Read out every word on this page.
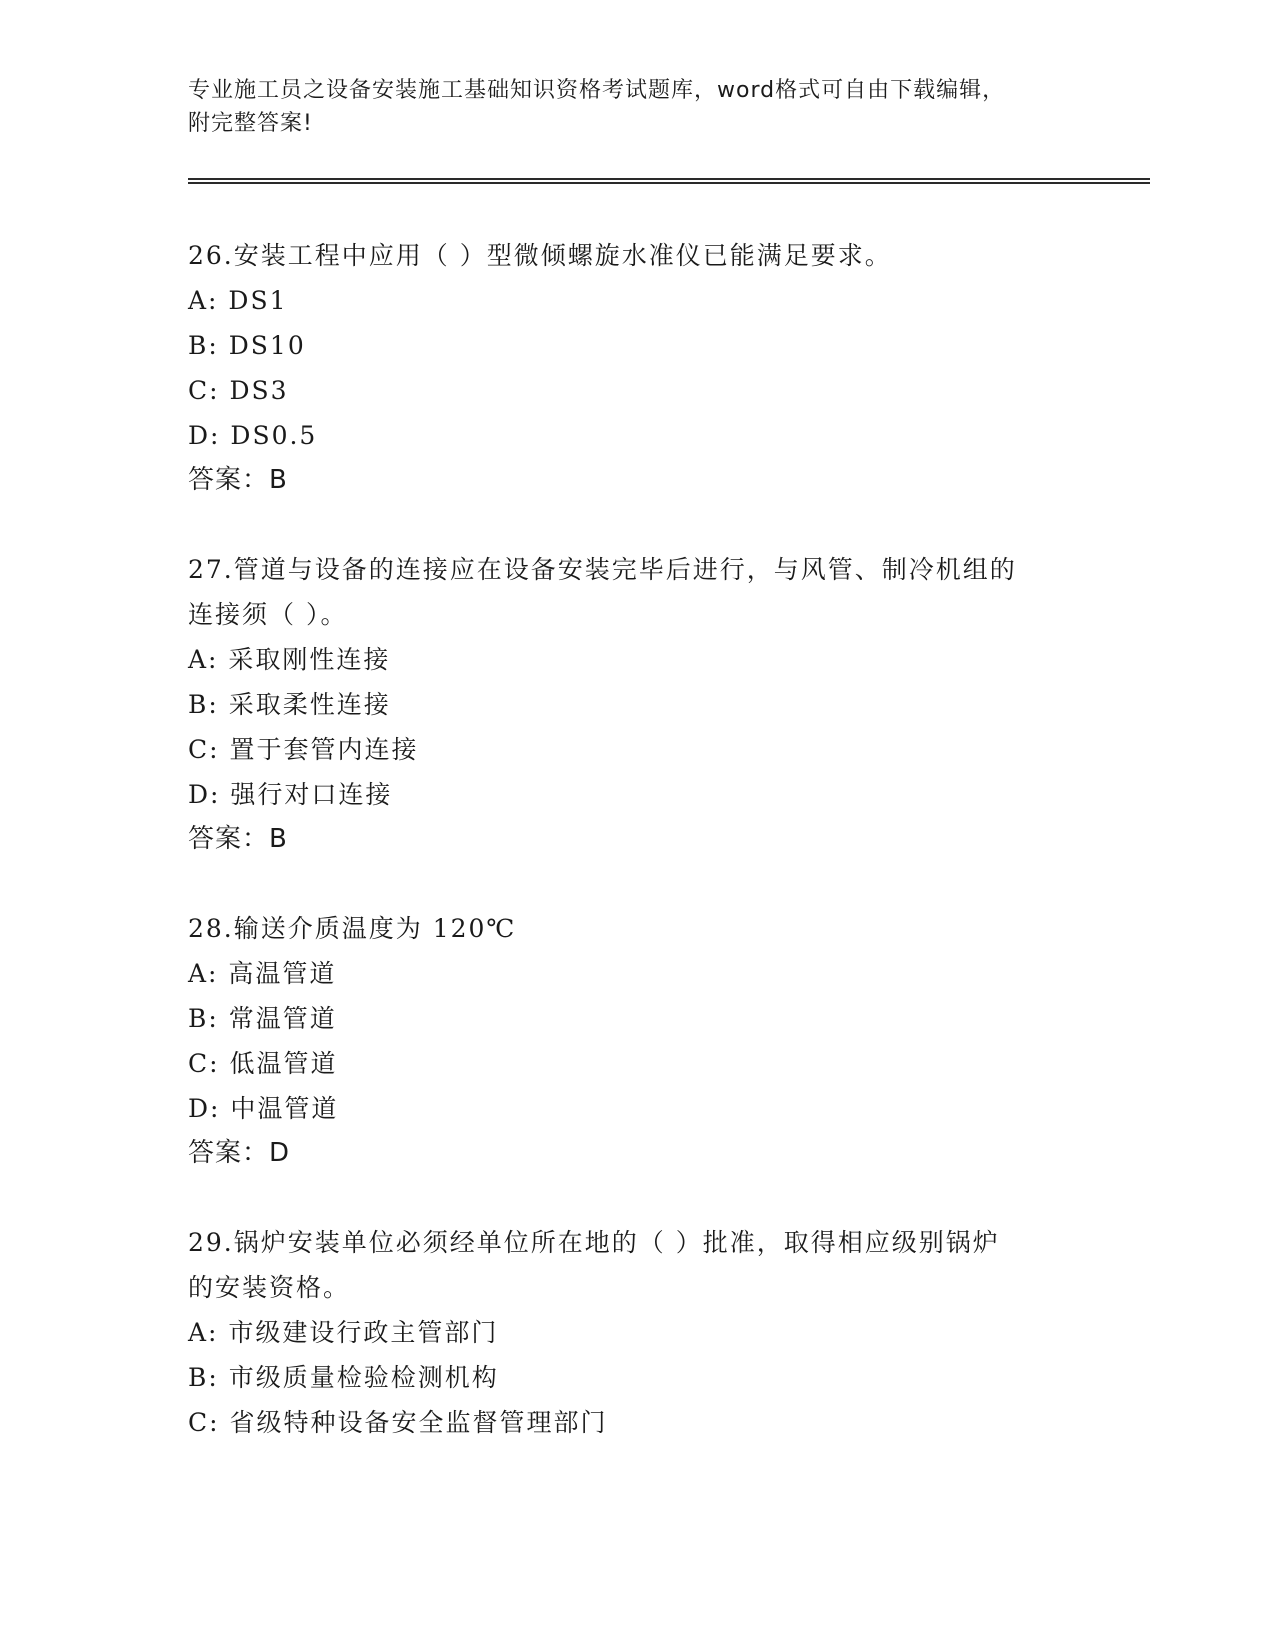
专业施工员之设备安装施工基础知识资格考试题库，word格式可自由下载编辑，
附完整答案!
26.安装工程中应用（ ）型微倾螺旋水准仪已能满足要求。
A: DS1
B: DS10
C: DS3
D: DS0.5
答案：B
27.管道与设备的连接应在设备安装完毕后进行，与风管、制冷机组的
连接须（ ）。
A: 采取刚性连接
B: 采取柔性连接
C: 置于套管内连接
D: 强行对口连接
答案：B
28.输送介质温度为 120℃
A: 高温管道
B: 常温管道
C: 低温管道
D: 中温管道
答案：D
29.锅炉安装单位必须经单位所在地的（ ）批准，取得相应级别锅炉
的安装资格。
A: 市级建设行政主管部门
B: 市级质量检验检测机构
C: 省级特种设备安全监督管理部门
